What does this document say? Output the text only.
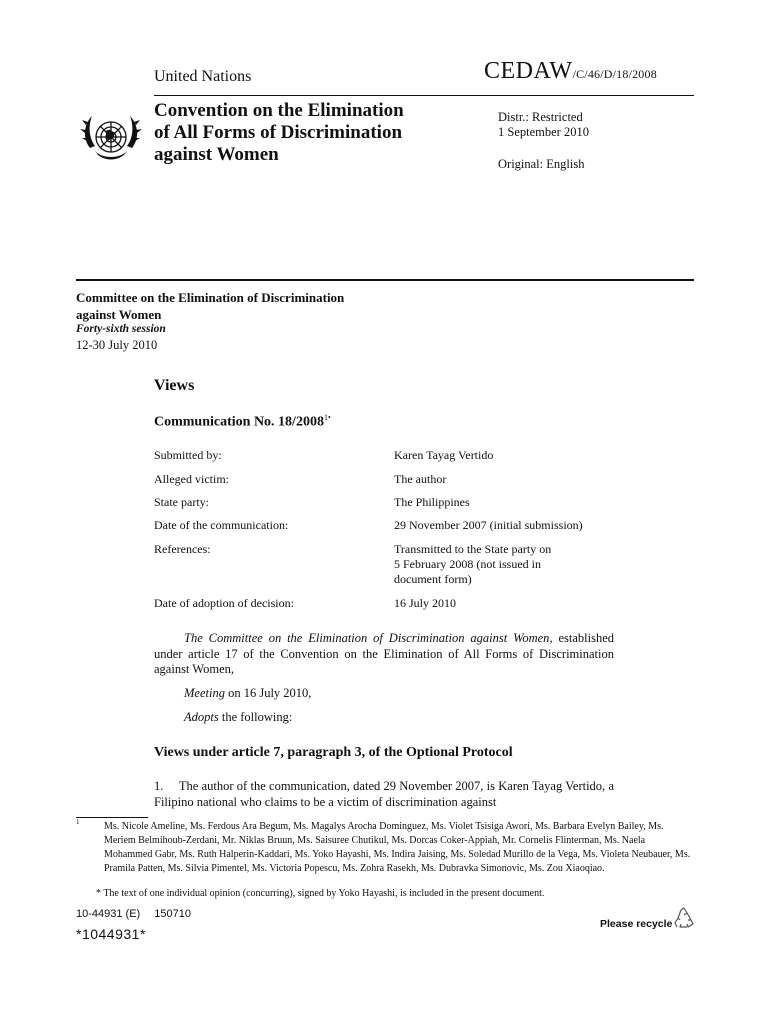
United Nations	CEDAW/C/46/D/18/2008
Convention on the Elimination
of All Forms of Discrimination
against Women
Distr.: Restricted
1 September 2010
Original: English
Committee on the Elimination of Discrimination
against Women
Forty-sixth session
12-30 July 2010
Views
Communication No. $18/2008^{1•}$
Submitted by:	Karen Tayag Vertido
Alleged victim:	The author
State party:	The Philippines
Date of the communication:	29 November 2007 (initial submission)
References:	Transmitted to the State party on 5 February 2008 (not issued in document form)
Date of adoption of decision:	16 July 2010
The Committee on the Elimination of Discrimination against Women, established under article 17 of the Convention on the Elimination of All Forms of Discrimination against Women,
Meeting on 16 July 2010,
Adopts the following:
Views under article 7, paragraph 3, of the Optional Protocol
1.  The author of the communication, dated 29 November 2007, is Karen Tayag Vertido, a Filipino national who claims to be a victim of discrimination against
1 Ms. Nicole Ameline, Ms. Ferdous Ara Begum, Ms. Magalys Arocha Dominguez, Ms. Violet Tsisiga Awori, Ms. Barbara Evelyn Bailey, Ms. Meriem Belmihoub-Zerdani, Mr. Niklas Bruun, Ms. Saisuree Chutikul, Ms. Dorcas Coker-Appiah, Mr. Cornelis Flinterman, Ms. Naela Mohammed Gabr, Ms. Ruth Halperin-Kaddari, Ms. Yoko Hayashi, Ms. Indira Jaising, Ms. Soledad Murillo de la Vega, Ms. Violeta Neubauer, Ms. Pramila Patten, Ms. Silvia Pimentel, Ms. Victoria Popescu, Ms. Zohra Rasekh, Ms. Dubravka Simonovic, Ms. Zou Xiaoqiao.
* The text of one individual opinion (concurring), signed by Yoko Hayashi, is included in the present document.
10-44931 (E)  150710
*1044931*
Please recycle
